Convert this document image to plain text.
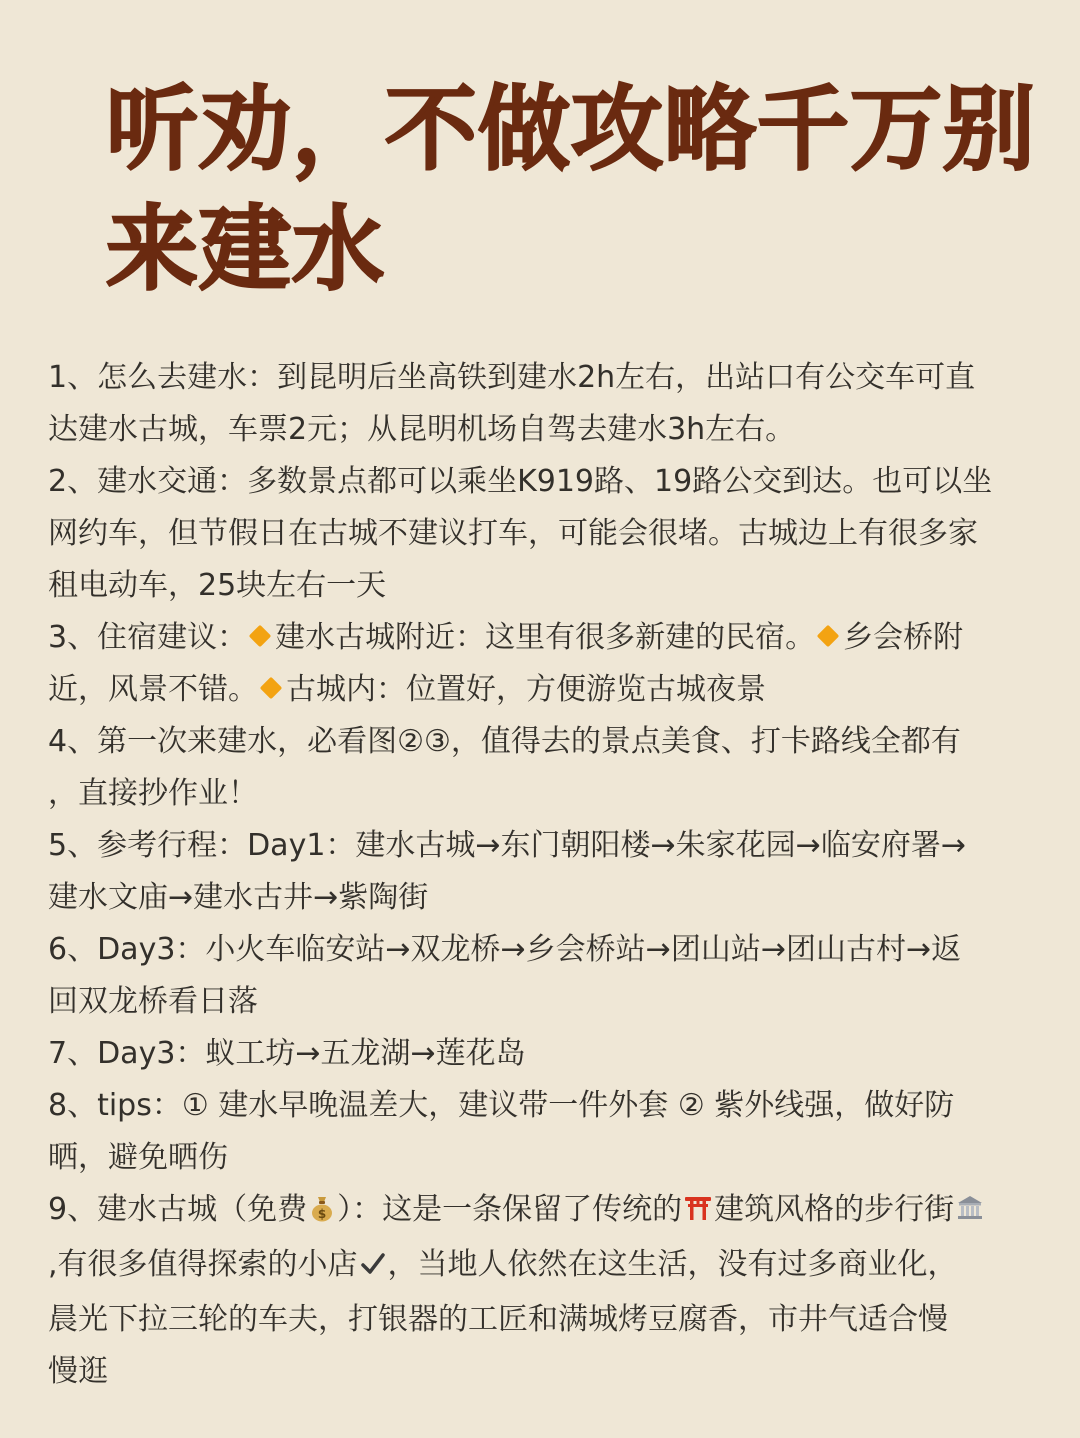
听劝，不做攻略千万别
来建水
1、怎么去建水：到昆明后坐高铁到建水2h左右，出站口有公交车可直
达建水古城，车票2元；从昆明机场自驾去建水3h左右。
2、建水交通：多数景点都可以乘坐K919路、19路公交到达。也可以坐
网约车，但节假日在古城不建议打车，可能会很堵。古城边上有很多家
租电动车，25块左右一天
3、住宿建议： 建水古城附近：这里有很多新建的民宿。 乡会桥附
近，风景不错。 古城内：位置好，方便游览古城夜景
4、第一次来建水，必看图②③，值得去的景点美食、打卡路线全都有
，直接抄作业！
5、参考行程：Day1：建水古城→东门朝阳楼→朱家花园→临安府署→
建水文庙→建水古井→紫陶街
6、Day3：小火车临安站→双龙桥→乡会桥站→团山站→团山古村→返
回双龙桥看日落
7、Day3：蚁工坊→五龙湖→莲花岛
8、tips：① 建水早晚温差大，建议带一件外套 ② 紫外线强，做好防
晒，避免晒伤
9、建水古城（免费 $ ）：这是一条保留了传统的 建筑风格的步行街
,有很多值得探索的小店 ，当地人依然在这生活，没有过多商业化，
晨光下拉三轮的车夫，打银器的工匠和满城烤豆腐香，市井气适合慢
慢逛
